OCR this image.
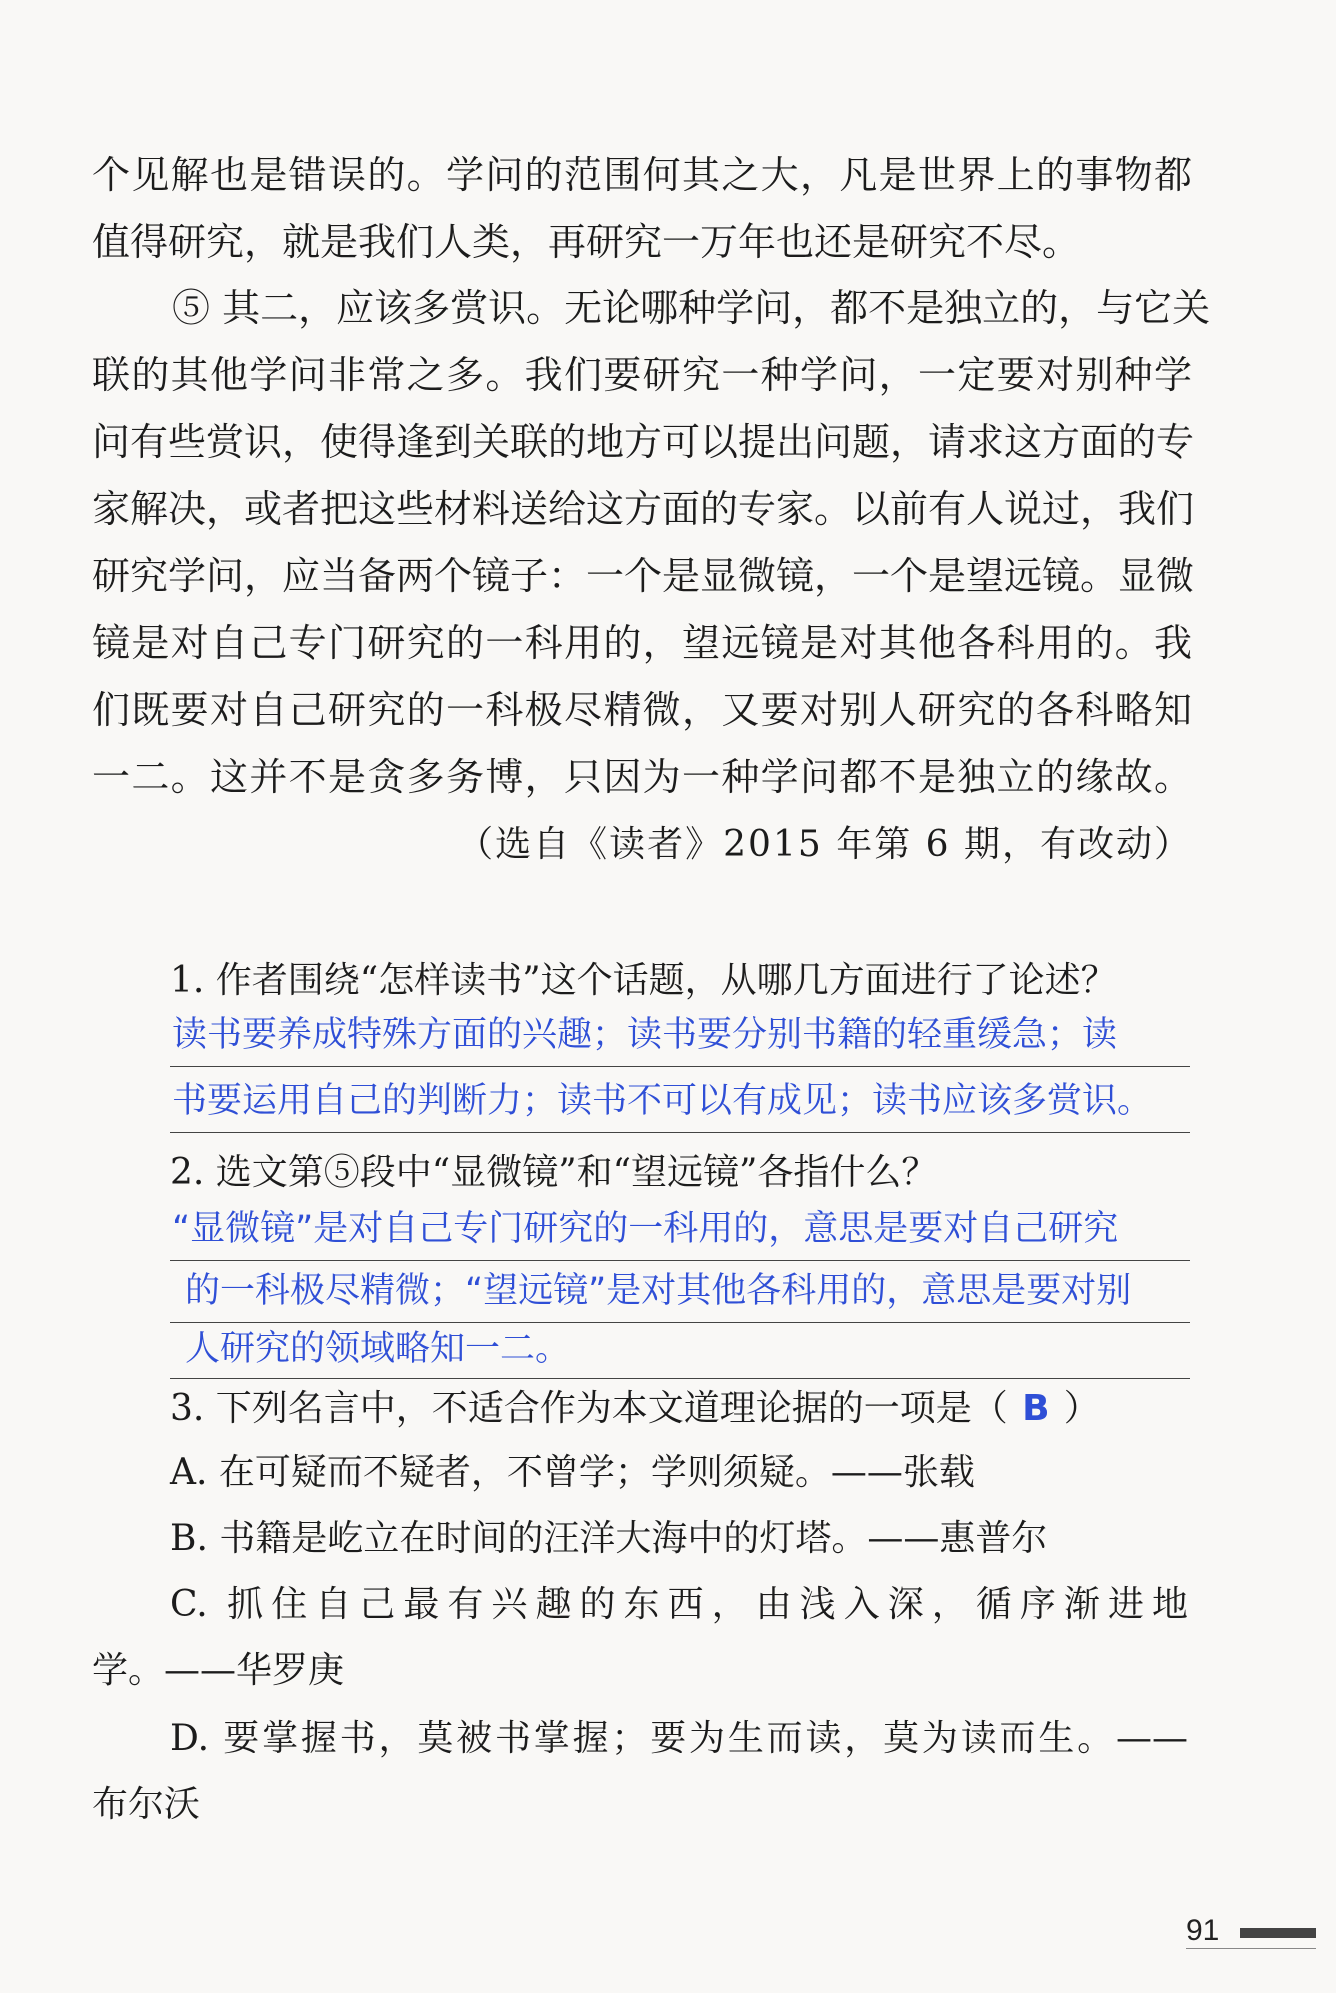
个见解也是错误的。学问的范围何其之大，凡是世界上的事物都
值得研究，就是我们人类，再研究一万年也还是研究不尽。
⑤ 其二，应该多赏识。无论哪种学问，都不是独立的，与它关
联的其他学问非常之多。我们要研究一种学问，一定要对别种学
问有些赏识，使得逢到关联的地方可以提出问题，请求这方面的专
家解决，或者把这些材料送给这方面的专家。以前有人说过，我们
研究学问，应当备两个镜子：一个是显微镜，一个是望远镜。显微
镜是对自己专门研究的一科用的，望远镜是对其他各科用的。我
们既要对自己研究的一科极尽精微，又要对别人研究的各科略知
一二。这并不是贪多务博，只因为一种学问都不是独立的缘故。
（选自《读者》2015 年第 6 期，有改动）
1. 作者围绕“怎样读书”这个话题，从哪几方面进行了论述？
读书要养成特殊方面的兴趣；读书要分别书籍的轻重缓急；读
书要运用自己的判断力；读书不可以有成见；读书应该多赏识。
2. 选文第⑤段中“显微镜”和“望远镜”各指什么？
“显微镜”是对自己专门研究的一科用的，意思是要对自己研究
的一科极尽精微；“望远镜”是对其他各科用的，意思是要对别
人研究的领域略知一二。
3. 下列名言中，不适合作为本文道理论据的一项是（ B ）
A. 在可疑而不疑者，不曾学；学则须疑。——张载
B. 书籍是屹立在时间的汪洋大海中的灯塔。——惠普尔
C. 抓住自己最有兴趣的东西，由浅入深，循序渐进地
学。——华罗庚
D. 要掌握书，莫被书掌握；要为生而读，莫为读而生。——
布尔沃
91
